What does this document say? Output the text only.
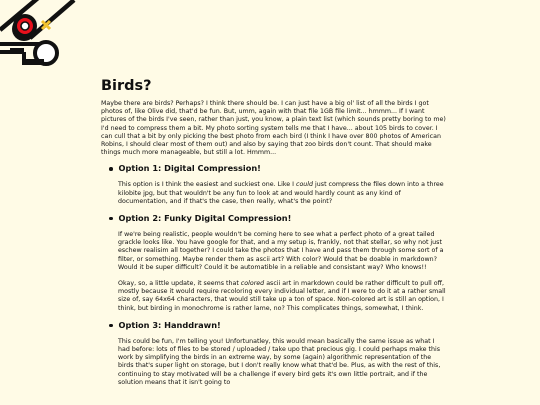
Birds?

Maybe there are birds? Perhaps? I think there should be. I can just have a big ol' list of all the birds I got photos of, like Olive did, that'd be fun. But, umm, again with that file 1GB file limit... hmmm... If I want pictures of the birds I've seen, rather than just, you know, a plain text list (which sounds pretty boring to me) I'd need to compress them a bit. My photo sorting system tells me that I have... about 105 birds to cover. I can cull that a bit by only picking the best photo from each bird (I think I have over 800 photos of American Robins, I should clear most of them out) and also by saying that zoo birds don't count. That should make things much more manageable, but still a lot. Hmmm...

Option 1: Digital Compression!

This option is I think the easiest and suckiest one. Like I could just compress the files down into a three kilobite jpg, but that wouldn't be any fun to look at and would hardly count as any kind of documentation, and if that's the case, then really, what's the point?

Option 2: Funky Digital Compression!

If we're being realistic, people wouldn't be coming here to see what a perfect photo of a great tailed grackle looks like. You have google for that, and a my setup is, frankly, not that stellar, so why not just eschew realisim all together? I could take the photos that I have and pass them through some sort of a filter, or something. Maybe render them as ascii art? With color? Would that be doable in markdown? Would it be super difficult? Could it be automatible in a reliable and consistant way? Who knows!!

Okay, so, a little update, it seems that colored ascii art in markdown could be rather difficult to pull off, mostly because it would require recoloring every individual letter, and if I were to do it at a rather small size of, say 64x64 characters, that would still take up a ton of space. Non-colored art is still an option, I think, but birding in monochrome is rather lame, no? This complicates things, somewhat, I think.

Option 3: Handdrawn!

This could be fun, I'm telling you! Unfortunatley, this would mean basically the same issue as what I had before: lots of files to be stored / uploaded / take upo that precious gig. I could perhaps make this work by simplifying the birds in an extreme way, by some (again) algorithmic representation of the birds that's super light on storage, but I don't really know what that'd be. Plus, as with the rest of this, continuing to stay motivated will be a challenge if every bird gets it's own little portrait, and if the solution means that it isn't going to
